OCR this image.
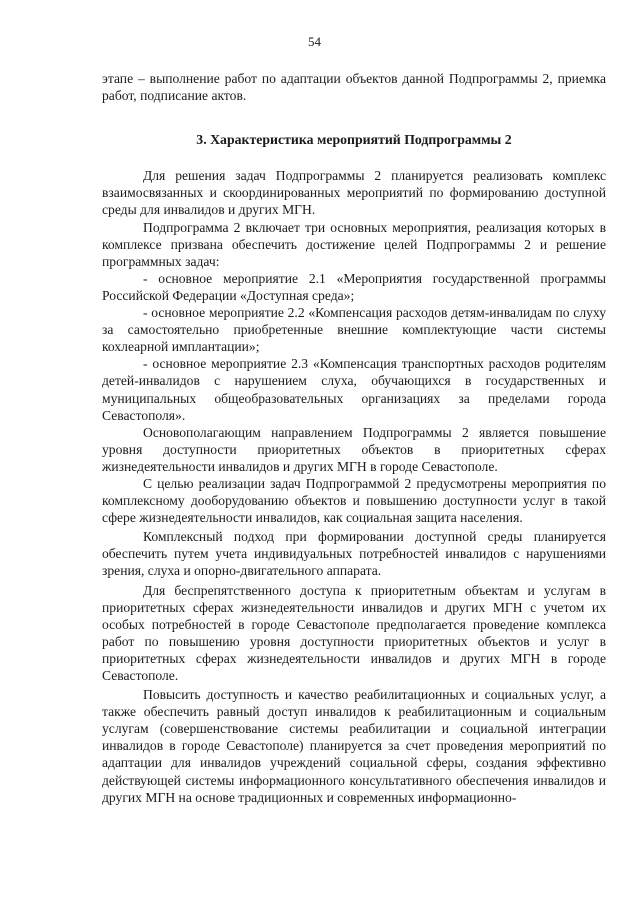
54

этапе – выполнение работ по адаптации объектов данной Подпрограммы 2, приемка работ, подписание актов.

3. Характеристика мероприятий Подпрограммы 2

Для решения задач Подпрограммы 2 планируется реализовать комплекс взаимосвязанных и скоординированных мероприятий по формированию доступной среды для инвалидов и других МГН.

Подпрограмма 2 включает три основных мероприятия, реализация которых в комплексе призвана обеспечить достижение целей Подпрограммы 2 и решение программных задач:

- основное мероприятие 2.1 «Мероприятия государственной программы Российской Федерации «Доступная среда»;

- основное мероприятие 2.2 «Компенсация расходов детям-инвалидам по слуху за самостоятельно приобретенные внешние комплектующие части системы кохлеарной имплантации»;

- основное мероприятие 2.3 «Компенсация транспортных расходов родителям детей-инвалидов с нарушением слуха, обучающихся в государственных и муниципальных общеобразовательных организациях за пределами города Севастополя».

Основополагающим направлением Подпрограммы 2 является повышение уровня доступности приоритетных объектов в приоритетных сферах жизнедеятельности инвалидов и других МГН в городе Севастополе.

С целью реализации задач Подпрограммой 2 предусмотрены мероприятия по комплексному дооборудованию объектов и повышению доступности услуг в такой сфере жизнедеятельности инвалидов, как социальная защита населения.

Комплексный подход при формировании доступной среды планируется обеспечить путем учета индивидуальных потребностей инвалидов с нарушениями зрения, слуха и опорно-двигательного аппарата.

Для беспрепятственного доступа к приоритетным объектам и услугам в приоритетных сферах жизнедеятельности инвалидов и других МГН с учетом их особых потребностей в городе Севастополе предполагается проведение комплекса работ по повышению уровня доступности приоритетных объектов и услуг в приоритетных сферах жизнедеятельности инвалидов и других МГН в городе Севастополе.

Повысить доступность и качество реабилитационных и социальных услуг, а также обеспечить равный доступ инвалидов к реабилитационным и социальным услугам (совершенствование системы реабилитации и социальной интеграции инвалидов в городе Севастополе) планируется за счет проведения мероприятий по адаптации для инвалидов учреждений социальной сферы, создания эффективно действующей системы информационного консультативного обеспечения инвалидов и других МГН на основе традиционных и современных информационно-
